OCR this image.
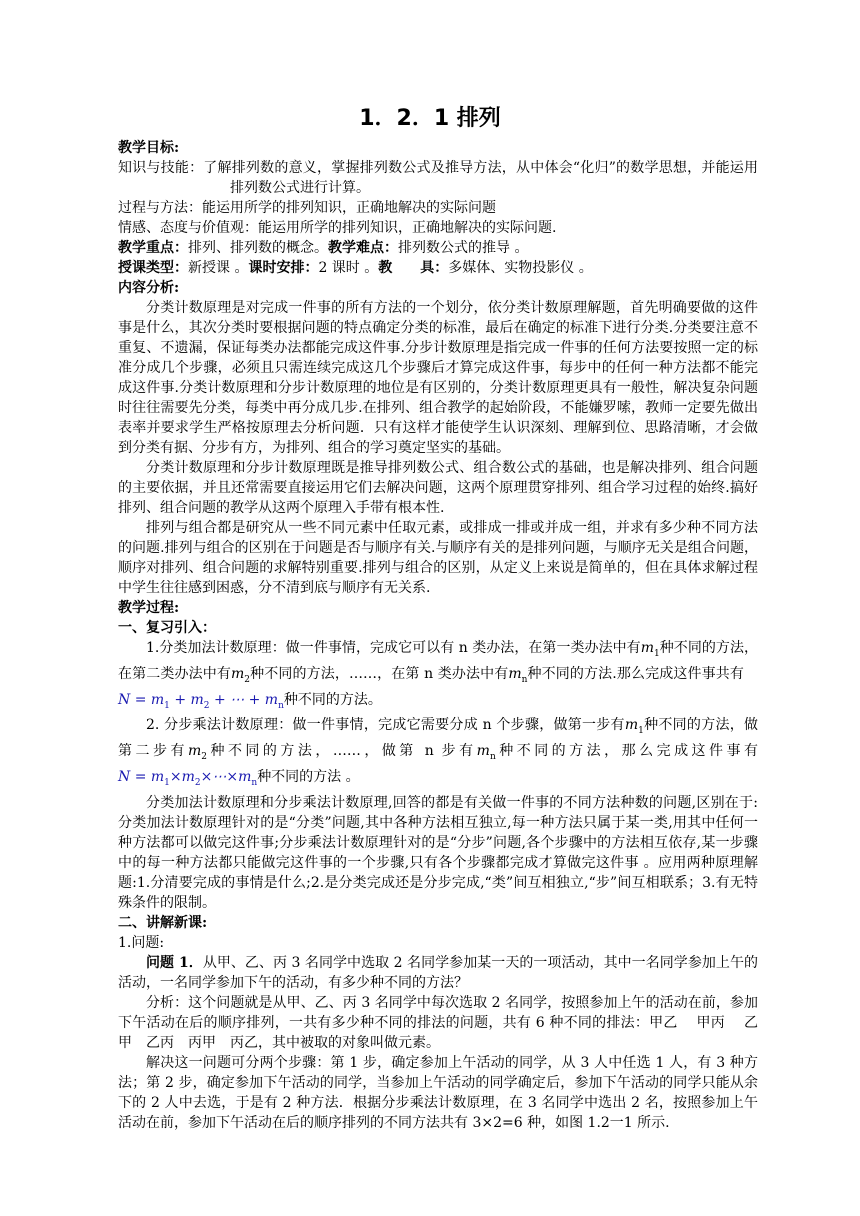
1．2．1 排列

教学目标:

知识与技能：了解排列数的意义，掌握排列数公式及推导方法，从中体会“化归”的数学思想，并能运用排列数公式进行计算。

过程与方法：能运用所学的排列知识，正确地解决的实际问题

情感、态度与价值观：能运用所学的排列知识，正确地解决的实际问题.

教学重点：排列、排列数的概念。教学难点：排列数公式的推导 。

授课类型：新授课 。课时安排：2 课时 。教　　具：多媒体、实物投影仪 。

内容分析:

分类计数原理是对完成一件事的所有方法的一个划分，依分类计数原理解题，首先明确要做的这件事是什么，其次分类时要根据问题的特点确定分类的标准，最后在确定的标准下进行分类.分类要注意不重复、不遗漏，保证每类办法都能完成这件事.分步计数原理是指完成一件事的任何方法要按照一定的标准分成几个步骤，必须且只需连续完成这几个步骤后才算完成这件事，每步中的任何一种方法都不能完成这件事.分类计数原理和分步计数原理的地位是有区别的，分类计数原理更具有一般性，解决复杂问题时往往需要先分类，每类中再分成几步.在排列、组合教学的起始阶段，不能嫌罗嗦，教师一定要先做出表率并要求学生严格按原理去分析问题．只有这样才能使学生认识深刻、理解到位、思路清晰，才会做到分类有据、分步有方，为排列、组合的学习奠定坚实的基础。

分类计数原理和分步计数原理既是推导排列数公式、组合数公式的基础，也是解决排列、组合问题的主要依据，并且还常需要直接运用它们去解决问题，这两个原理贯穿排列、组合学习过程的始终.搞好排列、组合问题的教学从这两个原理入手带有根本性.

排列与组合都是研究从一些不同元素中任取元素，或排成一排或并成一组，并求有多少种不同方法的问题.排列与组合的区别在于问题是否与顺序有关.与顺序有关的是排列问题，与顺序无关是组合问题，顺序对排列、组合问题的求解特别重要.排列与组合的区别，从定义上来说是简单的，但在具体求解过程中学生往往感到困惑，分不清到底与顺序有无关系.

教学过程:

一、复习引入：

1.分类加法计数原理：做一件事情，完成它可以有 n 类办法，在第一类办法中有$m_1$种不同的方法，在第二类办法中有$m_2$种不同的方法，……，在第 n 类办法中有$m_n$种不同的方法.那么完成这件事共有$N = m_1 + m_2$ + ⋯ + $m_n$种不同的方法。

2. 分步乘法计数原理：做一件事情，完成它需要分成 n 个步骤，做第一步有$m_1$种不同的方法，做第二步有$m_2$种不同的方法，……，做第 n 步有$m_n$种不同的方法，那么完成这件事有$N = m_1\times m_2\times\cdots\times m_n$种不同的方法 。

分类加法计数原理和分步乘法计数原理,回答的都是有关做一件事的不同方法种数的问题,区别在于:分类加法计数原理针对的是“分类”问题,其中各种方法相互独立,每一种方法只属于某一类,用其中任何一种方法都可以做完这件事;分步乘法计数原理针对的是“分步”问题,各个步骤中的方法相互依存,某一步骤中的每一种方法都只能做完这件事的一个步骤,只有各个步骤都完成才算做完这件事 。应用两种原理解题:1.分清要完成的事情是什么;2.是分类完成还是分步完成,“类”间互相独立,“步”间互相联系；3.有无特殊条件的限制。

二、讲解新课:

1.问题:

问题 1．从甲、乙、丙 3 名同学中选取 2 名同学参加某一天的一项活动，其中一名同学参加上午的活动，一名同学参加下午的活动，有多少种不同的方法？

分析：这个问题就是从甲、乙、丙 3 名同学中每次选取 2 名同学，按照参加上午的活动在前，参加下午活动在后的顺序排列，一共有多少种不同的排法的问题，共有 6 种不同的排法：甲乙　 甲丙　 乙甲　乙丙　丙甲　丙乙，其中被取的对象叫做元素。

解决这一问题可分两个步骤：第 1 步，确定参加上午活动的同学，从 3 人中任选 1 人，有 3 种方法；第 2 步，确定参加下午活动的同学，当参加上午活动的同学确定后，参加下午活动的同学只能从余下的 2 人中去选，于是有 2 种方法．根据分步乘法计数原理，在 3 名同学中选出 2 名，按照参加上午活动在前，参加下午活动在后的顺序排列的不同方法共有 3×2=6 种，如图 1.2一1 所示.
